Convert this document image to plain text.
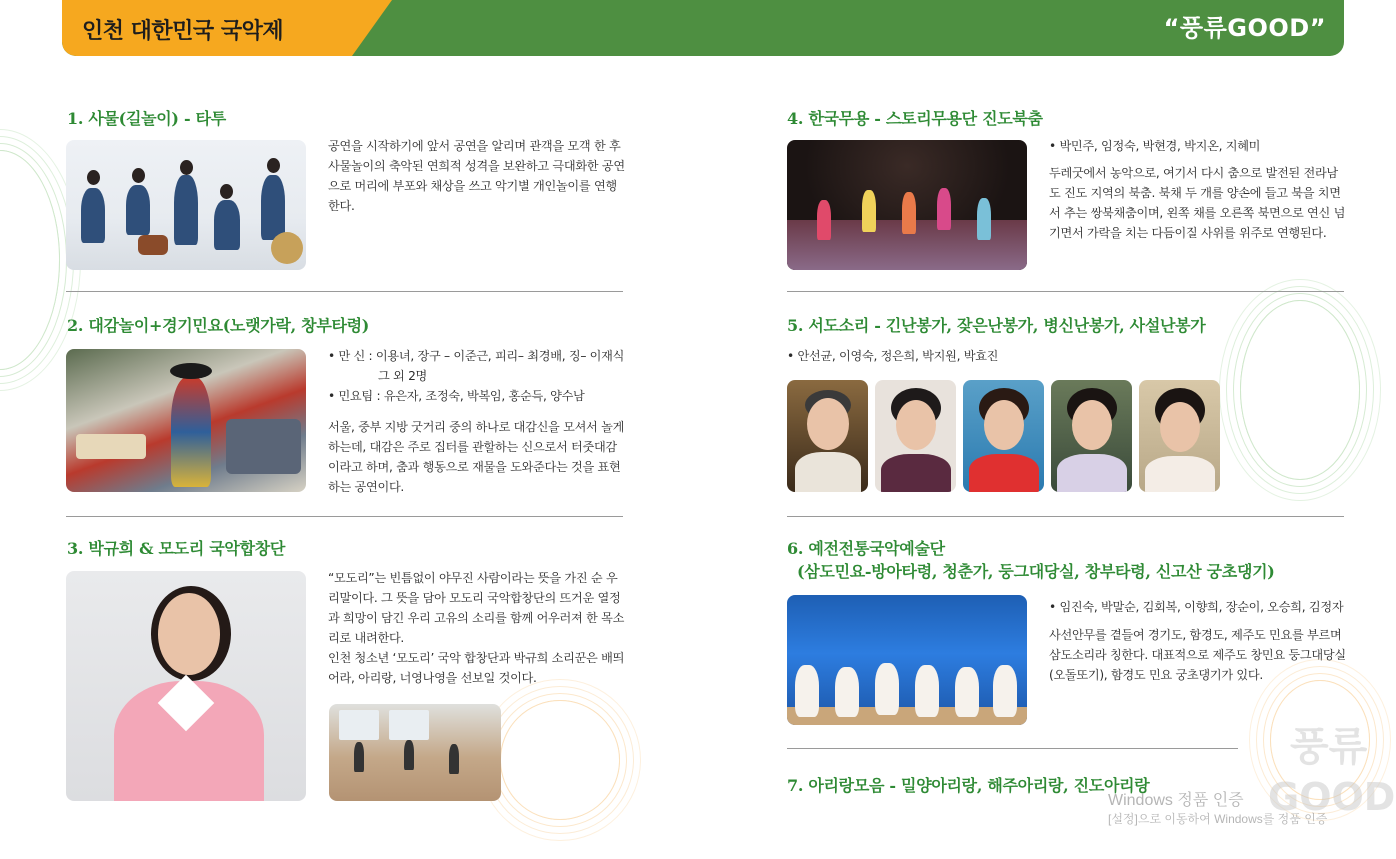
인천 대한민국 국악제	“풍류GOOD”
1. 사물(길놀이) - 타투
공연을 시작하기에 앞서 공연을 알리며 관객을 모객 한 후 사물놀이의 축악된 연희적 성격을 보완하고 극대화한 공연으로 머리에 부포와 채상을 쓰고 악기별 개인놀이를 연행한다.
2. 대감놀이+경기민요(노랫가락, 창부타령)

• 만 신 : 이용녀, 장구 – 이준근, 피리– 최경배, 징– 이재식

그 외 2명

• 민요팀 : 유은자, 조정숙, 박복임, 홍순득, 양수남

서울, 중부 지방 굿거리 중의 하나로 대감신을 모셔서 놀게 하는데, 대감은 주로 집터를 관할하는 신으로서 터줏대감이라고 하며, 춤과 행동으로 재물을 도와준다는 것을 표현하는 공연이다.
3. 박규희 & 모도리 국악합창단

“모도리”는 빈틈없이 야무진 사람이라는 뜻을 가진 순 우리말이다. 그 뜻을 담아 모도리 국악합창단의 뜨거운 열정과 희망이 담긴 우리 고유의 소리를 함께 어우러져 한 목소리로 내려한다.

인천 청소년 ‘모도리’ 국악 합창단과 박규희 소리꾼은 배띄어라, 아리랑, 너영나영을 선보일 것이다.

4. 한국무용 - 스토리무용단 진도북춤
• 박민주, 임정숙, 박현경, 박지온, 지혜미
두레굿에서 농악으로, 여기서 다시 춤으로 발전된 전라남도 진도 지역의 북춤. 북채 두 개를 양손에 들고 북을 치면서 추는 쌍북채춤이며, 왼쪽 채를 오른쪽 북면으로 연신 넘기면서 가락을 치는 다듬이질 사위를 위주로 연행된다.
5. 서도소리 - 긴난봉가, 잦은난봉가, 병신난봉가, 사설난봉가
• 안선균, 이영숙, 정은희, 박지원, 박효진
6. 예전전통국악예술단
(삼도민요-방아타령, 청춘가, 둥그대당실, 창부타령, 신고산 궁초댕기)
• 임진숙, 박말순, 김회복, 이향희, 장순이, 오승희, 김정자
사선안무를 곁들여 경기도, 함경도, 제주도 민요를 부르며 삼도소리라 칭한다. 대표적으로 제주도 창민요 둥그대당실(오돌또기), 함경도 민요 궁초댕기가 있다.
7. 아리랑모음 - 밀양아리랑, 해주아리랑, 진도아리랑
풍류
GOOD
Windows 정품 인증
[설정]으로 이동하여 Windows를 정품 인증
